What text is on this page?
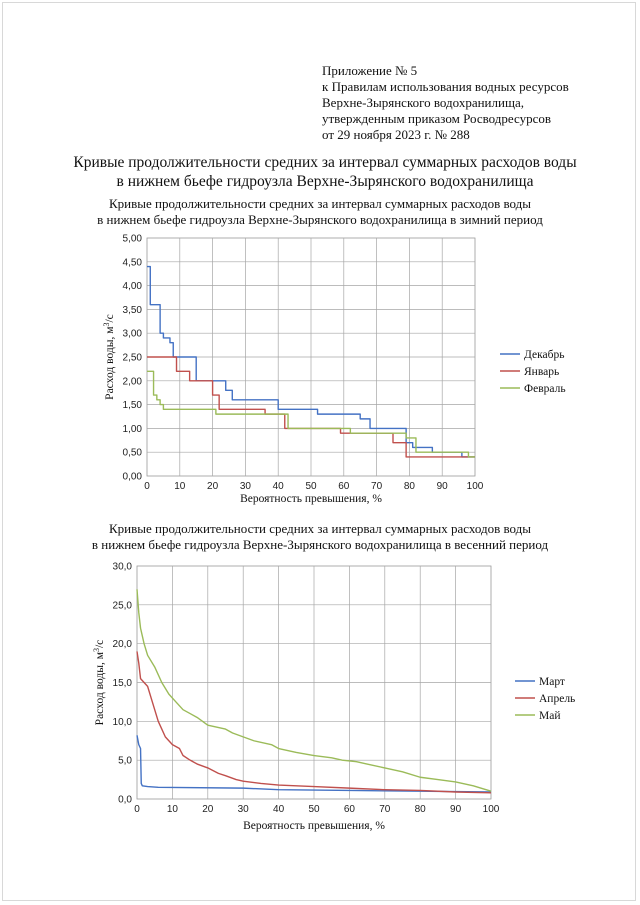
Приложение № 5
к Правилам использования водных ресурсов
Верхне-Зырянского водохранилища,
утвержденным приказом Росводресурсов
от 29 ноября 2023 г. № 288
Кривые продолжительности средних за интервал суммарных расходов воды
в нижнем бьефе гидроузла Верхне-Зырянского водохранилища
Кривые продолжительности средних за интервал суммарных расходов воды
в нижнем бьефе гидроузла Верхне-Зырянского водохранилища в зимний период
Кривые продолжительности средних за интервал суммарных расходов воды
в нижнем бьефе гидроузла Верхне-Зырянского водохранилища в весенний период
0 10 20 30 40 50 60 70 80 90 100
0,00
0,50
1,00
1,50
2,00
2,50
3,00
3,50
4,00
4,50
5,00
Декабрь
Январь
Февраль
Вероятность превышения, %
Расход воды, $м^3/с$
0	10 20 30 40 50 60 70 80 90 100
0,0
5,0
10,0
15,0
20,0
25,0
30,0
Март
Апрель
Май
Вероятность превышения, %
Расход воды, $м^3/с$
